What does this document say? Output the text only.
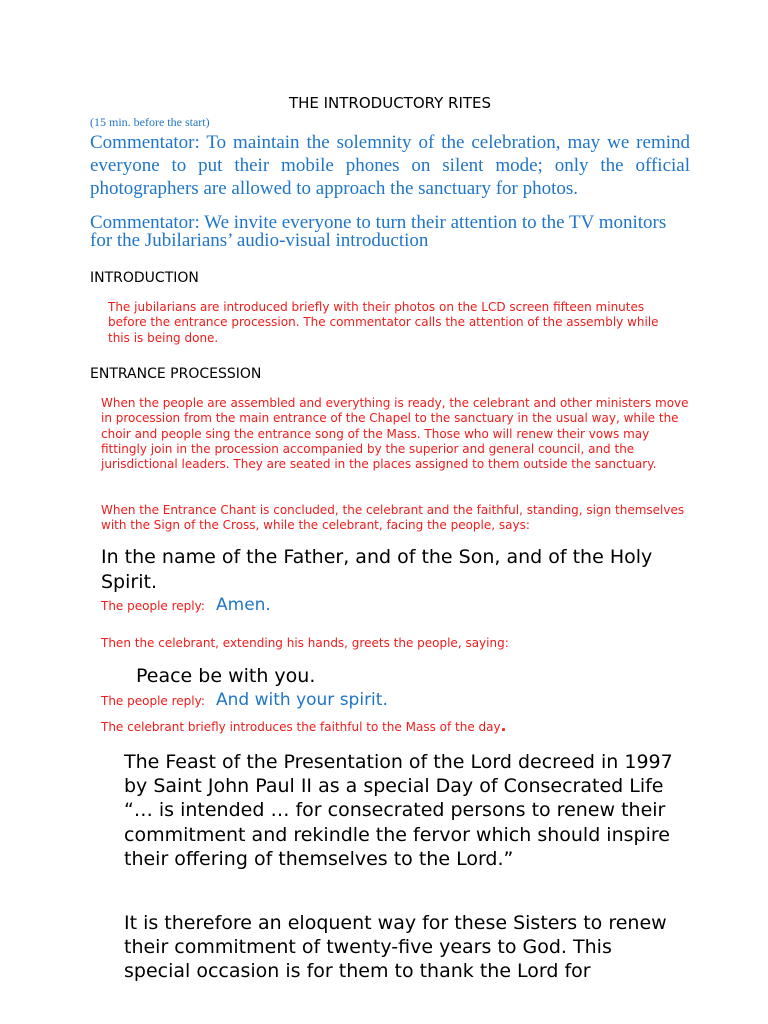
THE INTRODUCTORY RITES

(15 min. before the start)

Commentator: To maintain the solemnity of the celebration, may we remind everyone to put their mobile phones on silent mode; only the official photographers are allowed to approach the sanctuary for photos.

Commentator: We invite everyone to turn their attention to the TV monitors for the Jubilarians’ audio-visual introduction

INTRODUCTION

The jubilarians are introduced briefly with their photos on the LCD screen fifteen minutes before the entrance procession. The commentator calls the attention of the assembly while this is being done.

ENTRANCE PROCESSION

When the people are assembled and everything is ready, the celebrant and other ministers move in procession from the main entrance of the Chapel to the sanctuary in the usual way, while the choir and people sing the entrance song of the Mass. Those who will renew their vows may fittingly join in the procession accompanied by the superior and general council, and the jurisdictional leaders. They are seated in the places assigned to them outside the sanctuary.

When the Entrance Chant is concluded, the celebrant and the faithful, standing, sign themselves with the Sign of the Cross, while the celebrant, facing the people, says:

In the name of the Father, and of the Son, and of the Holy Spirit.

The people reply: Amen.

Then the celebrant, extending his hands, greets the people, saying:

Peace be with you.

The people reply: And with your spirit.

The celebrant briefly introduces the faithful to the Mass of the day.

The Feast of the Presentation of the Lord decreed in 1997 by Saint John Paul II as a special Day of Consecrated Life “… is intended … for consecrated persons to renew their commitment and rekindle the fervor which should inspire their offering of themselves to the Lord.”

It is therefore an eloquent way for these Sisters to renew their commitment of twenty-five years to God. This special occasion is for them to thank the Lord for
